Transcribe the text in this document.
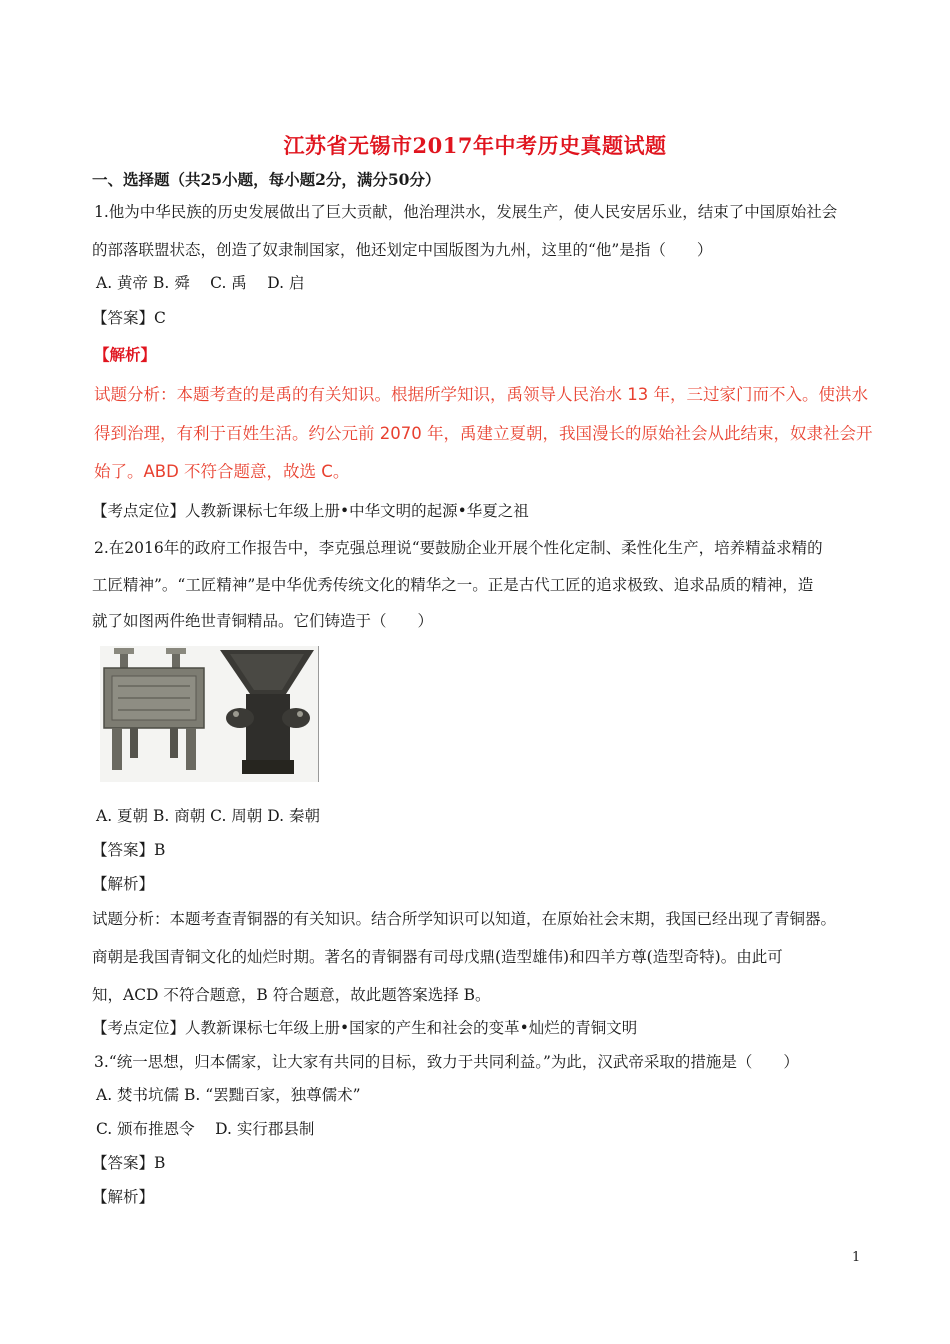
江苏省无锡市2017年中考历史真题试题
一、选择题（共25小题，每小题2分，满分50分）
1.他为中华民族的历史发展做出了巨大贡献，他治理洪水，发展生产，使人民安居乐业，结束了中国原始社会
的部落联盟状态，创造了奴隶制国家，他还划定中国版图为九州，这里的“他”是指（　　）
A. 黄帝 B. 舜　 C. 禹　 D. 启
【答案】C
【解析】
试题分析：本题考查的是禹的有关知识。根据所学知识，禹领导人民治水 13 年，三过家门而不入。使洪水
得到治理，有利于百姓生活。约公元前 2070 年，禹建立夏朝，我国漫长的原始社会从此结束，奴隶社会开
始了。ABD 不符合题意，故选 C。
【考点定位】人教新课标七年级上册•中华文明的起源•华夏之祖
2.在2016年的政府工作报告中，李克强总理说“要鼓励企业开展个性化定制、柔性化生产，培养精益求精的
工匠精神”。“工匠精神”是中华优秀传统文化的精华之一。正是古代工匠的追求极致、追求品质的精神，造
就了如图两件绝世青铜精品。它们铸造于（　　）
A. 夏朝 B. 商朝 C. 周朝 D. 秦朝
【答案】B
【解析】
试题分析：本题考查青铜器的有关知识。结合所学知识可以知道，在原始社会末期，我国已经出现了青铜器。
商朝是我国青铜文化的灿烂时期。著名的青铜器有司母戊鼎(造型雄伟)和四羊方尊(造型奇特)。由此可
知，ACD 不符合题意，B 符合题意，故此题答案选择 B。
【考点定位】人教新课标七年级上册•国家的产生和社会的变革•灿烂的青铜文明
3.“统一思想，归本儒家，让大家有共同的目标，致力于共同利益。”为此，汉武帝采取的措施是（　　）
A. 焚书坑儒 B. “罢黜百家，独尊儒术”
C. 颁布推恩令　 D. 实行郡县制
【答案】B
【解析】
1
